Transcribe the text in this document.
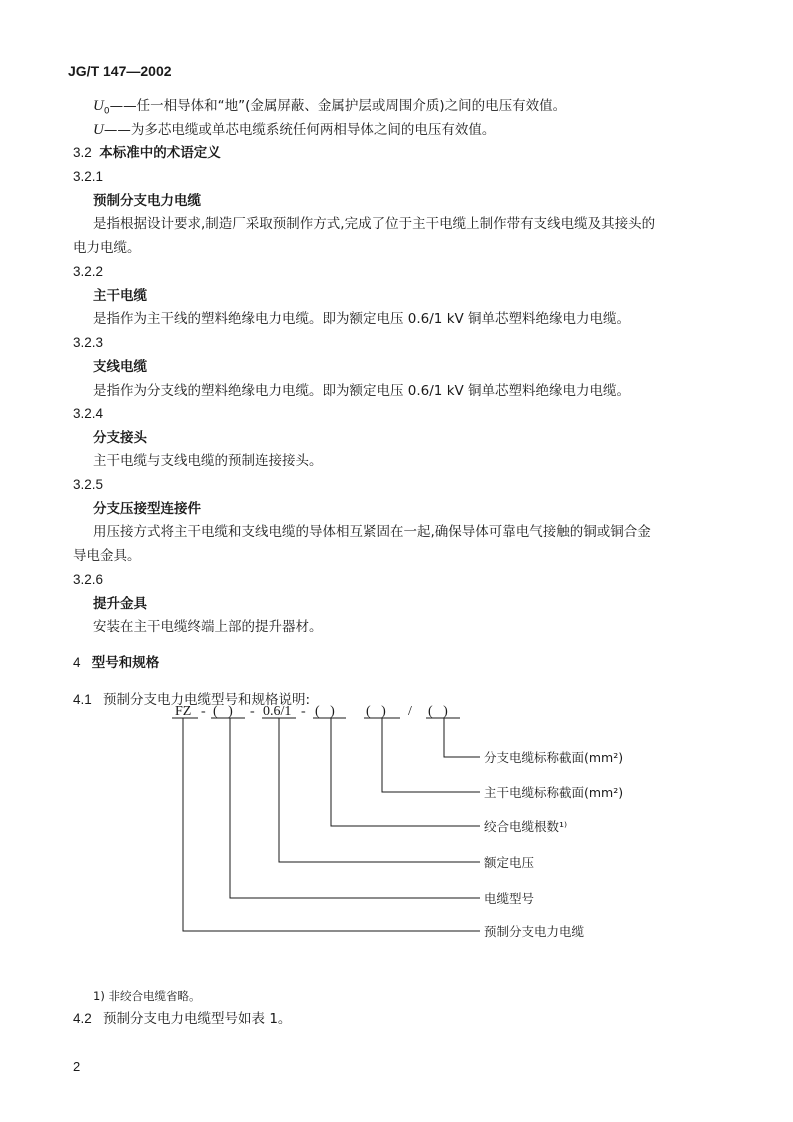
JG/T 147—2002
$U_0——$任一相导体和“地”(金属屏蔽、金属护层或周围介质)之间的电压有效值。
U——为多芯电缆或单芯电缆系统任何两相导体之间的电压有效值。
3.2 本标准中的术语定义
3.2.1
预制分支电力电缆
是指根据设计要求,制造厂采取预制作方式,完成了位于主干电缆上制作带有支线电缆及其接头的
电力电缆。
3.2.2
主干电缆
是指作为主干线的塑料绝缘电力电缆。即为额定电压 0.6/1 kV 铜单芯塑料绝缘电力电缆。
3.2.3
支线电缆
是指作为分支线的塑料绝缘电力电缆。即为额定电压 0.6/1 kV 铜单芯塑料绝缘电力电缆。
3.2.4
分支接头
主干电缆与支线电缆的预制连接接头。
3.2.5
分支压接型连接件
用压接方式将主干电缆和支线电缆的导体相互紧固在一起,确保导体可靠电气接触的铜或铜合金
导电金具。
3.2.6
提升金具
安装在主干电缆终端上部的提升器材。
4 型号和规格
4.1 预制分支电力电缆型号和规格说明:
FZ - (   ) - 0.6/1 - (   ) (   ) / (   )
分支电缆标称截面(mm²)
主干电缆标称截面(mm²)
绞合电缆根数¹⁾
额定电压
电缆型号
预制分支电力电缆
1) 非绞合电缆省略。
4.2 预制分支电力电缆型号如表 1。
2
